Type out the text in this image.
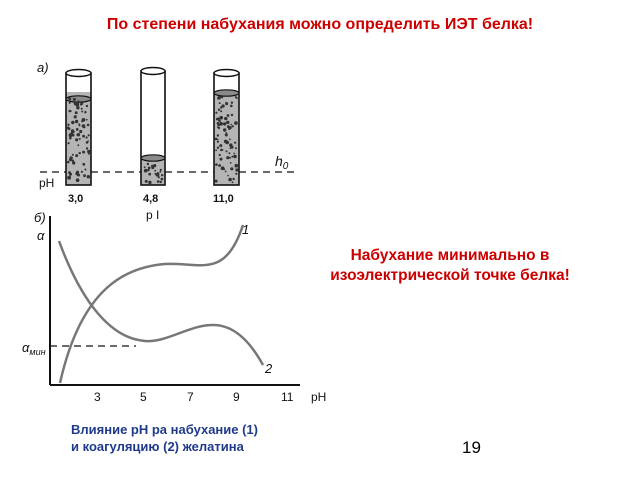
По степени набухания можно определить ИЭТ белка!
а)
$h_0$
pH
3,0	4,8	11,0
p I
б)
α
$\alpha_{мин}$
1
2
3	5	7	9	11 pH
Набухание минимально в
изоэлектрической точке белка!
Влияние pH ра набухание (1)
и коагуляцию (2) желатина	19
